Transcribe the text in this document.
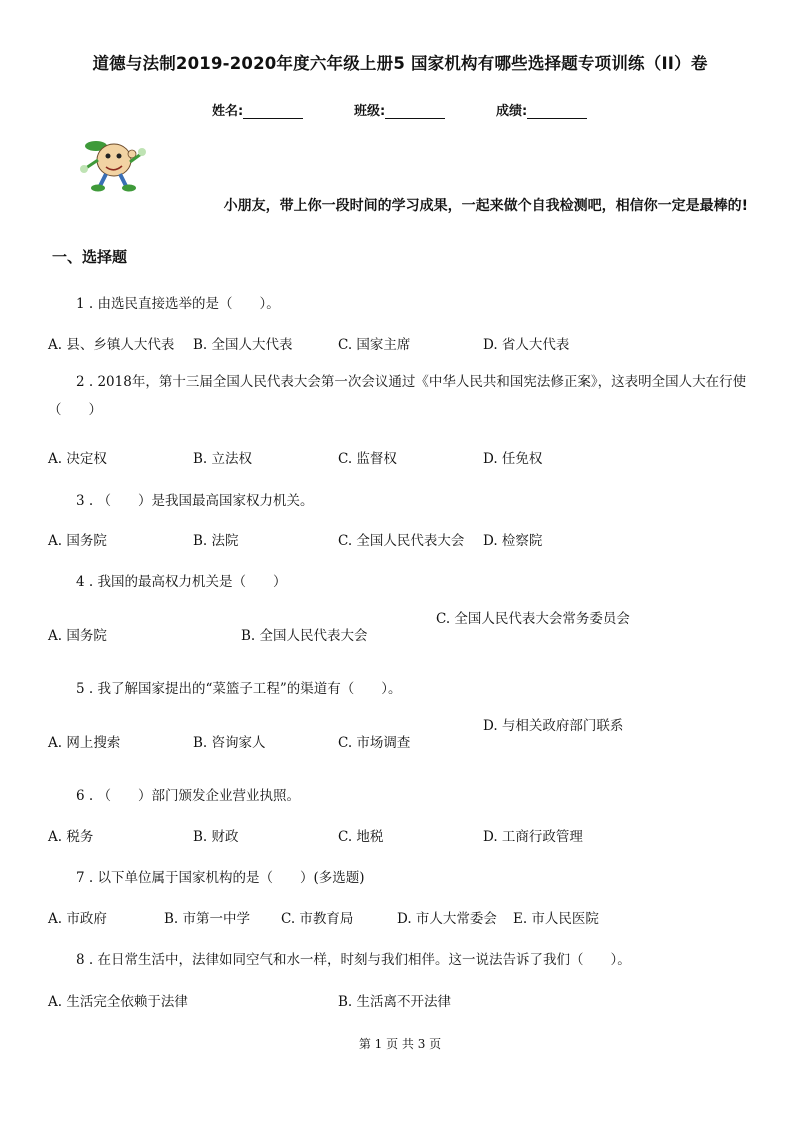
道德与法制2019-2020年度六年级上册5 国家机构有哪些选择题专项训练（II）卷
姓名:	班级:	成绩:
小朋友，带上你一段时间的学习成果，一起来做个自我检测吧，相信你一定是最棒的!
一、选择题
1 . 由选民直接选举的是（　　）。
A. 县、乡镇人大代表 B. 全国人大代表	C. 国家主席	D. 省人大代表
2 . 2018年，第十三届全国人民代表大会第一次会议通过《中华人民共和国宪法修正案》，这表明全国人大在行使（　　）
A. 决定权	B. 立法权	C. 监督权	D. 任免权
3 . （　　）是我国最高国家权力机关。
A. 国务院	B. 法院	C. 全国人民代表大会 D. 检察院
4 . 我国的最高权力机关是（　　）
A. 国务院	B. 全国人民代表大会
C. 全国人民代表大会常务委员会
5 . 我了解国家提出的“菜篮子工程”的渠道有（　　）。
A. 网上搜索	B. 咨询家人	C. 市场调查
D. 与相关政府部门联系
6 . （　　）部门颁发企业营业执照。
A. 税务	B. 财政	C. 地税	D. 工商行政管理
7 . 以下单位属于国家机构的是（　　）(多选题)
A. 市政府	B. 市第一中学 C. 市教育局	D. 市人大常委会 E. 市人民医院
8 . 在日常生活中，法律如同空气和水一样，时刻与我们相伴。这一说法告诉了我们（　　）。
A. 生活完全依赖于法律	B. 生活离不开法律
第 1 页 共 3 页
